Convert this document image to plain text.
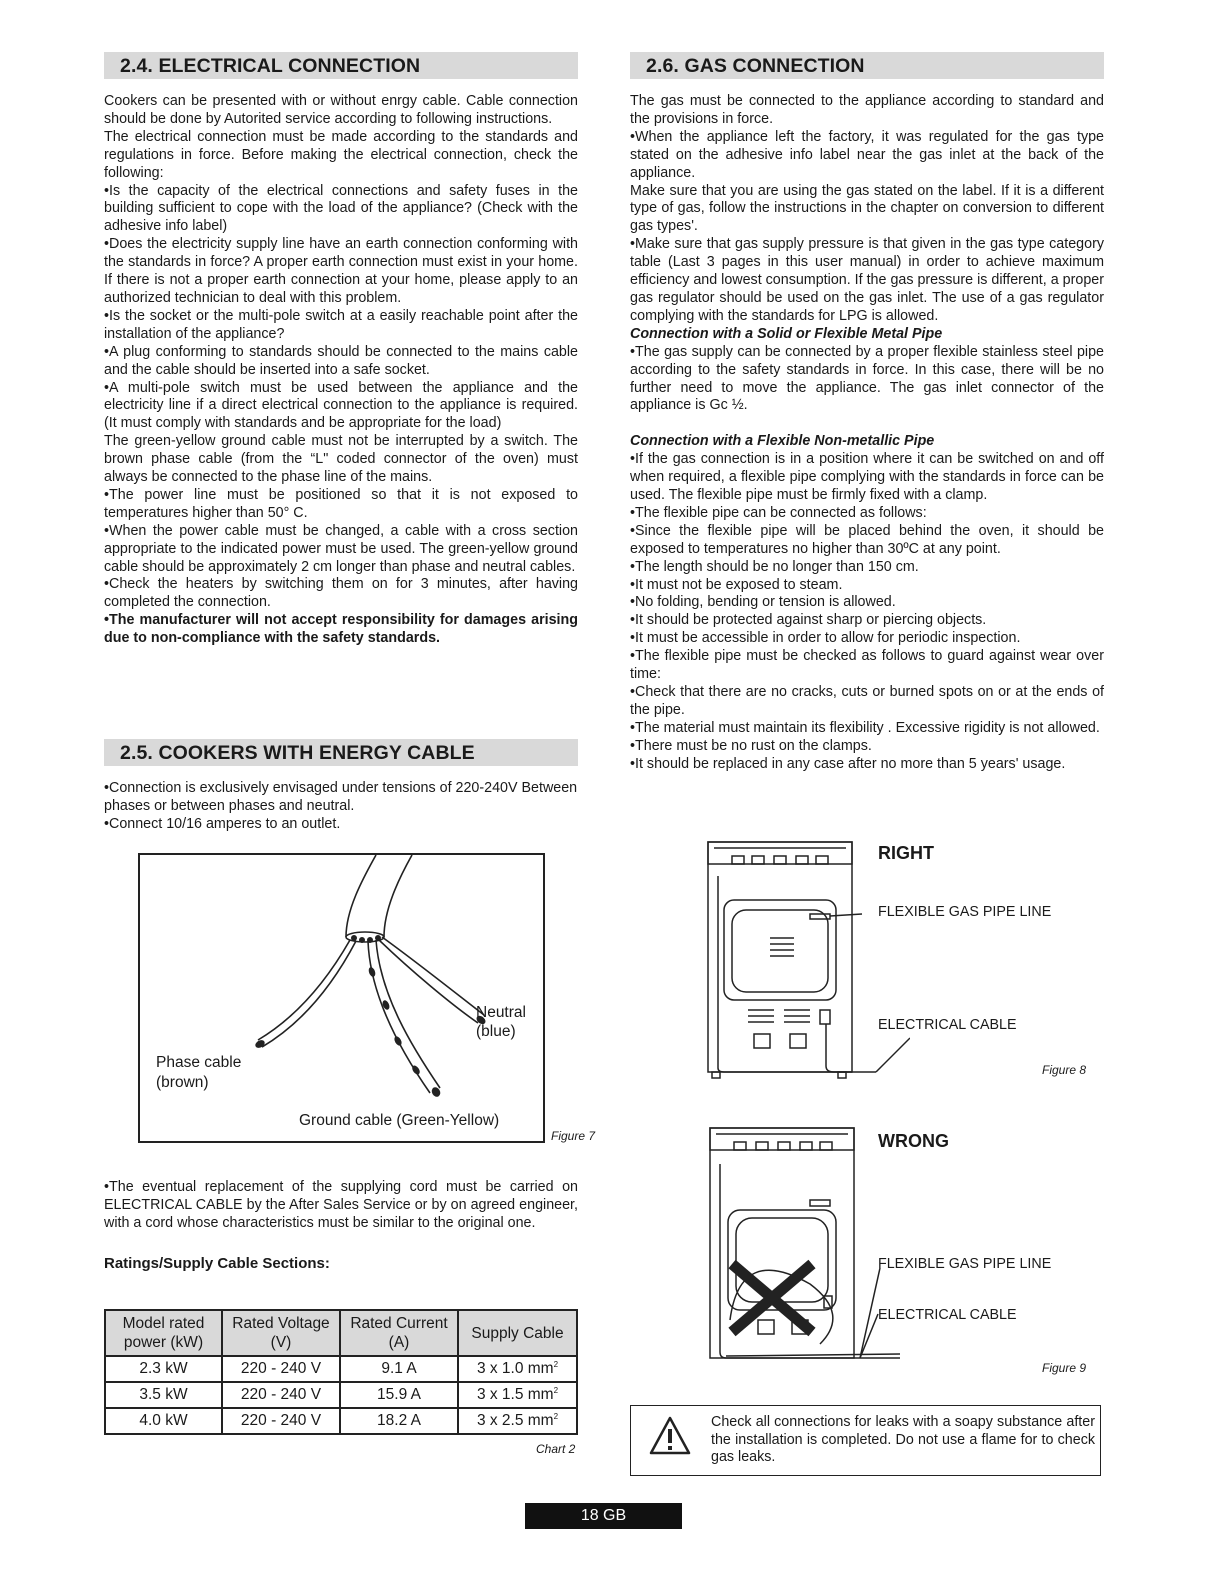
2.4. ELECTRICAL CONNECTION

Cookers can be presented with or without enrgy cable. Cable connection should be done by Autorited service according to following instructions.

The electrical connection must be made according to the standards and regulations in force. Before making the electrical connection, check the following:

•Is the capacity of the electrical connections and safety fuses in the building sufficient to cope with the load of the appliance? (Check with the adhesive info label)

•Does the electricity supply line have an earth connection conforming with the standards in force? A proper earth connection must exist in your home. If there is not a proper earth connection at your home, please apply to an authorized technician to deal with this problem.

•Is the socket or the multi-pole switch at a easily reachable point after the installation of the appliance?

•A plug conforming to standards should be connected to the mains cable and the cable should be inserted into a safe socket.

•A multi-pole switch must be used between the appliance and the electricity line if a direct electrical connection to the appliance is required. (It must comply with standards and be appropriate for the load)

The green-yellow ground cable must not be interrupted by a switch. The brown phase cable (from the “L" coded connector of the oven) must always be connected to the phase line of the mains.

•The power line must be positioned so that it is not exposed to temperatures higher than 50° C.

•When the power cable must be changed, a cable with a cross section appropriate to the indicated power must be used. The green-yellow ground cable should be approximately 2 cm longer than phase and neutral cables.

•Check the heaters by switching them on for 3 minutes, after having completed the connection.

•The manufacturer will not accept responsibility for damages arising due to non-compliance with the safety standards.

2.5. COOKERS WITH ENERGY CABLE

•Connection is exclusively envisaged under tensions of 220-240V Between phases or between phases and neutral.

•Connect 10/16 amperes to an outlet.

Neutral
(blue)
Phase cable
(brown)
Ground cable (Green-Yellow)
Figure 7

•The eventual replacement of the supplying cord must be carried on ELECTRICAL CABLE by the After Sales Service or by on agreed engineer, with a cord whose characteristics must be similar to the original one.

Ratings/Supply Cable Sections:

Model rated power (kW)	Rated Voltage (V)	Rated Current (A)	Supply Cable
2.3 kW	220 - 240 V	9.1 A	3 x 1.0 $mm^2$
3.5 kW	220 - 240 V	15.9 A	3 x 1.5 $mm^2$
4.0 kW	220 - 240 V	18.2 A	3 x 2.5 $mm^2$
Chart 2
2.6. GAS CONNECTION

The gas must be connected to the appliance according to standard and the provisions in force.

•When the appliance left the factory, it was regulated for the gas type stated on the adhesive info label near the gas inlet at the back of the appliance.

Make sure that you are using the gas stated on the label. If it is a different type of gas, follow the instructions in the chapter on conversion to different gas types'.

•Make sure that gas supply pressure is that given in the gas type category table (Last 3 pages in this user manual) in order to achieve maximum efficiency and lowest consumption. If the gas pressure is different, a proper gas regulator should be used on the gas inlet. The use of a gas regulator complying with the standards for LPG is allowed.

Connection with a Solid or Flexible Metal Pipe

•The gas supply can be connected by a proper flexible stainless steel pipe according to the safety standards in force. In this case, there will be no further need to move the appliance. The gas inlet connector of the appliance is Gc ½.

Connection with a Flexible Non-metallic Pipe

•If the gas connection is in a position where it can be switched on and off when required, a flexible pipe complying with the standards in force can be used. The flexible pipe must be firmly fixed with a clamp.

•The flexible pipe can be connected as follows:

•Since the flexible pipe will be placed behind the oven, it should be exposed to temperatures no higher than 30ºC at any point.

•The length should be no longer than 150 cm.

•It must not be exposed to steam.

•No folding, bending or tension is allowed.

•It should be protected against sharp or piercing objects.

•It must be accessible in order to allow for periodic inspection.

•The flexible pipe must be checked as follows to guard against wear over time:

•Check that there are no cracks, cuts or burned spots on or at the ends of the pipe.

•The material must maintain its flexibility . Excessive rigidity is not allowed.

•There must be no rust on the clamps.

•It should be replaced in any case after no more than 5 years' usage.

RIGHT
FLEXIBLE GAS PIPE LINE
ELECTRICAL CABLE
Figure 8
WRONG
FLEXIBLE GAS PIPE LINE
ELECTRICAL CABLE
Figure 9
Check all connections for leaks with a soapy substance after the installation is completed. Do not use a flame for to check gas leaks.
18 GB
